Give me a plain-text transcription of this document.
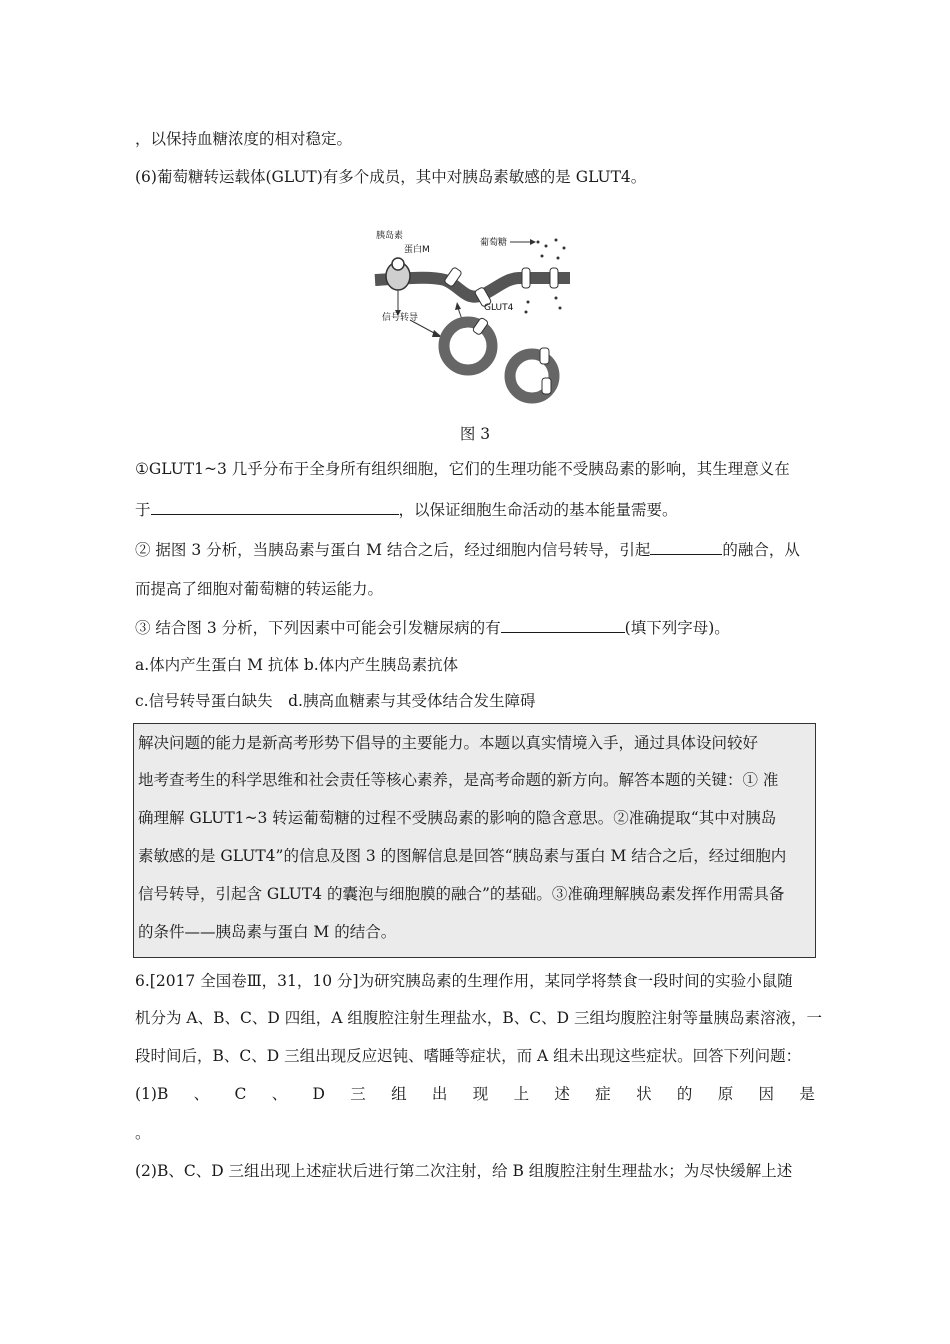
，以保持血糖浓度的相对稳定。
(6)葡萄糖转运载体(GLUT)有多个成员，其中对胰岛素敏感的是 GLUT4。
胰岛素
蛋白M
葡萄糖
信号转导
GLUT4
图 3
①GLUT1~3 几乎分布于全身所有组织细胞，它们的生理功能不受胰岛素的影响，其生理意义在
于	，以保证细胞生命活动的基本能量需要。
② 据图 3 分析，当胰岛素与蛋白 M 结合之后，经过细胞内信号转导，引起	的融合，从
而提高了细胞对葡萄糖的转运能力。
③ 结合图 3 分析，下列因素中可能会引发糖尿病的有	(填下列字母)。
a.体内产生蛋白 M 抗体 b.体内产生胰岛素抗体
c.信号转导蛋白缺失　d.胰高血糖素与其受体结合发生障碍
解决问题的能力是新高考形势下倡导的主要能力。本题以真实情境入手，通过具体设问较好
地考查考生的科学思维和社会责任等核心素养，是高考命题的新方向。解答本题的关键：① 准
确理解 GLUT1~3 转运葡萄糖的过程不受胰岛素的影响的隐含意思。②准确提取“其中对胰岛
素敏感的是 GLUT4”的信息及图 3 的图解信息是回答“胰岛素与蛋白 M 结合之后，经过细胞内
信号转导，引起含 GLUT4 的囊泡与细胞膜的融合”的基础。③准确理解胰岛素发挥作用需具备
的条件——胰岛素与蛋白 M 的结合。
6.[2017 全国卷Ⅲ，31，10 分]为研究胰岛素的生理作用，某同学将禁食一段时间的实验小鼠随
机分为 A、B、C、D 四组，A 组腹腔注射生理盐水，B、C、D 三组均腹腔注射等量胰岛素溶液，一
段时间后，B、C、D 三组出现反应迟钝、嗜睡等症状，而 A 组未出现这些症状。回答下列问题：
(1)B 、 C 、 D 三 组 出 现 上 述 症 状 的 原 因 是
。
(2)B、C、D 三组出现上述症状后进行第二次注射，给 B 组腹腔注射生理盐水；为尽快缓解上述
